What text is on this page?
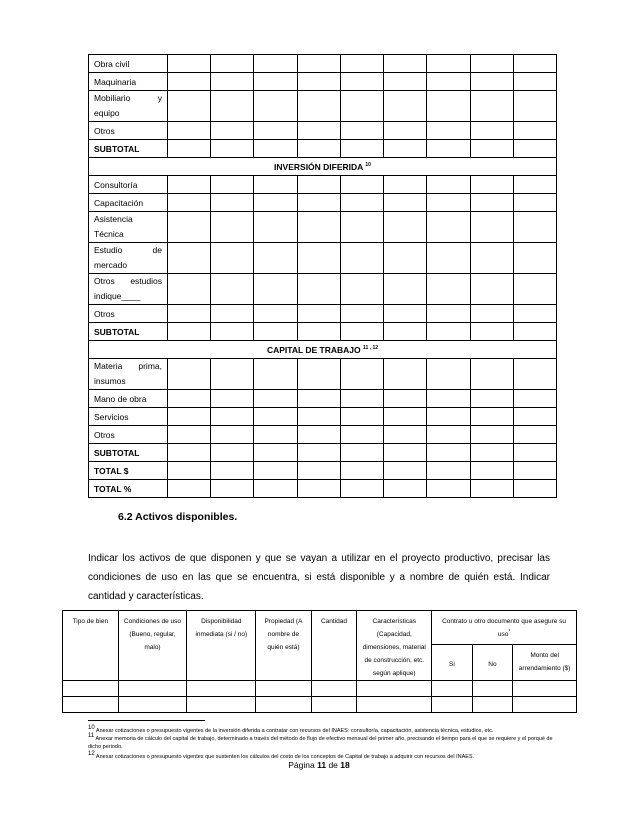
Obra civil									
Maquinaria									
Mobiliario y equipo									
Otros									
SUBTOTAL									
INVERSIÓN DIFERIDA $^{10}$
Consultoría									
Capacitación									
Asistencia Técnica									
Estudio de mercado									
Otros estudios indique____									
Otros									
SUBTOTAL									
CAPITAL DE TRABAJO $^{11 , 12}$
Materia prima, insumos									
Mano de obra									
Servicios									
Otros									
SUBTOTAL									
TOTAL $									
TOTAL %									
6.2 Activos disponibles.

Indicar los activos de que disponen y que se vayan a utilizar en el proyecto productivo, precisar las condiciones de uso en las que se encuentra, si está disponible y a nombre de quién está. Indicar cantidad y características.

Tipo de bien	Condiciones de uso (Bueno, regular, malo)	Disponibilidad inmediata (si / no)	Propiedad (A nombre de quién está)	Cantidad	Características (Capacidad, dimensiones, material de construcción, etc. según aplique)	Contrato u otro documento que asegure su uso*
						Si	No	Monto del arrendamiento ($)

$^{10}$ Anexar cotizaciones o presupuesto vigentes de la inversión diferida a contratar con recursos del INAES: consultoría, capacitación, asistencia técnica, estudios, etc.
$^{11}$ Anexar memoria de cálculo del capital de trabajo, determinado a través del método de flujo de efectivo mensual del primer año, precisando el tiempo para el que se requiere y el porqué de dicho periodo.
$^{12}$ Anexar cotizaciones o presupuesto vigentes que sustenten los cálculos del costo de los conceptos de Capital de trabajo a adquirir con recursos del INAES.
Página 11 de 18
